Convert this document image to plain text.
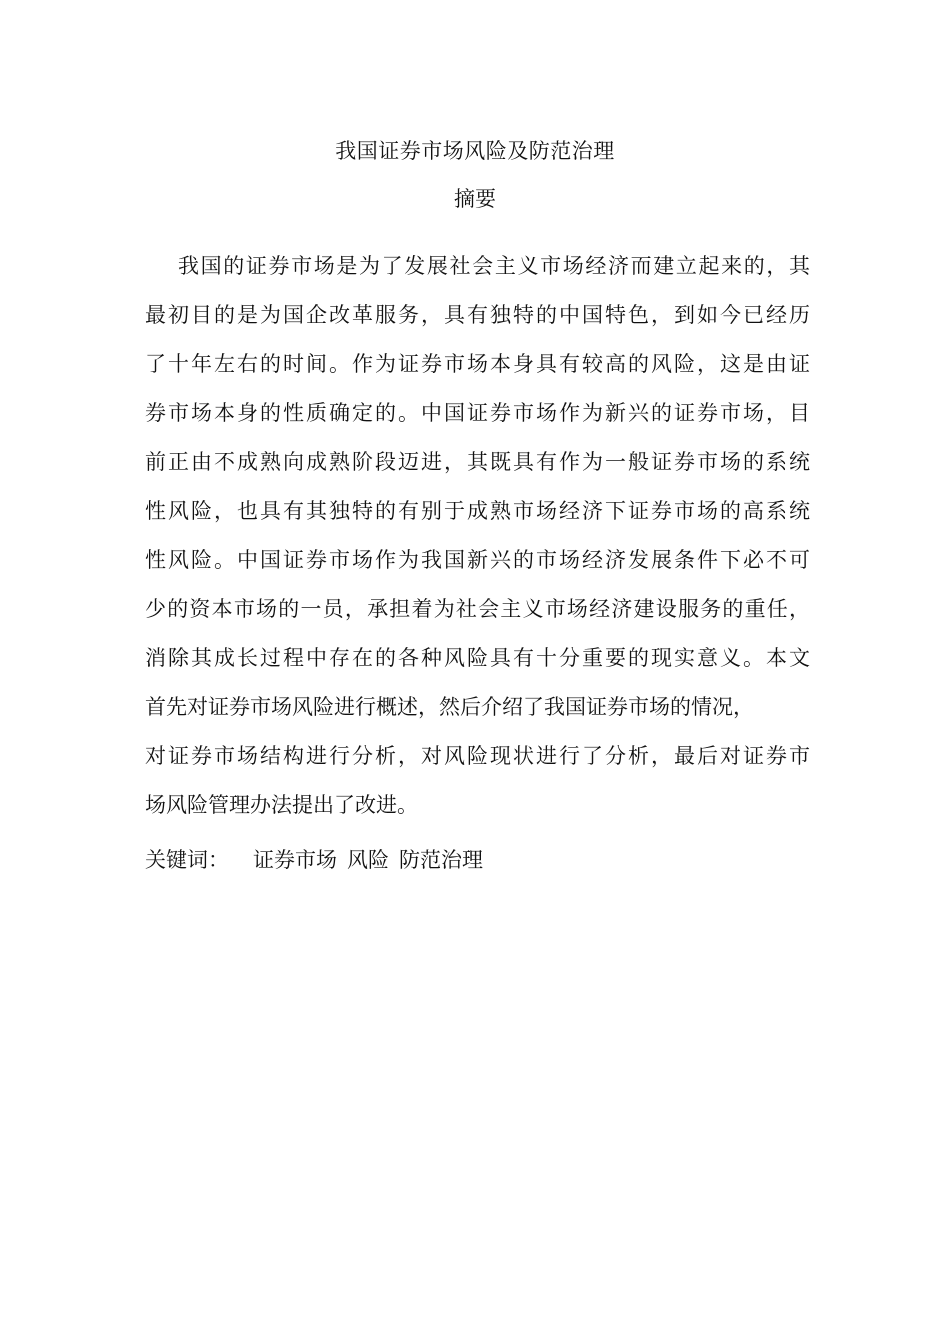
我国证券市场风险及防范治理
摘要
我国的证券市场是为了发展社会主义市场经济而建立起来的，其
最初目的是为国企改革服务，具有独特的中国特色，到如今已经历
了十年左右的时间。作为证券市场本身具有较高的风险，这是由证
券市场本身的性质确定的。中国证券市场作为新兴的证券市场，目
前正由不成熟向成熟阶段迈进，其既具有作为一般证券市场的系统
性风险，也具有其独特的有别于成熟市场经济下证券市场的高系统
性风险。中国证券市场作为我国新兴的市场经济发展条件下必不可
少的资本市场的一员，承担着为社会主义市场经济建设服务的重任，
消除其成长过程中存在的各种风险具有十分重要的现实意义。本文
首先对证券市场风险进行概述，然后介绍了我国证券市场的情况，
对证券市场结构进行分析，对风险现状进行了分析，最后对证券市
场风险管理办法提出了改进。
关键词： 证券市场 风险 防范治理
